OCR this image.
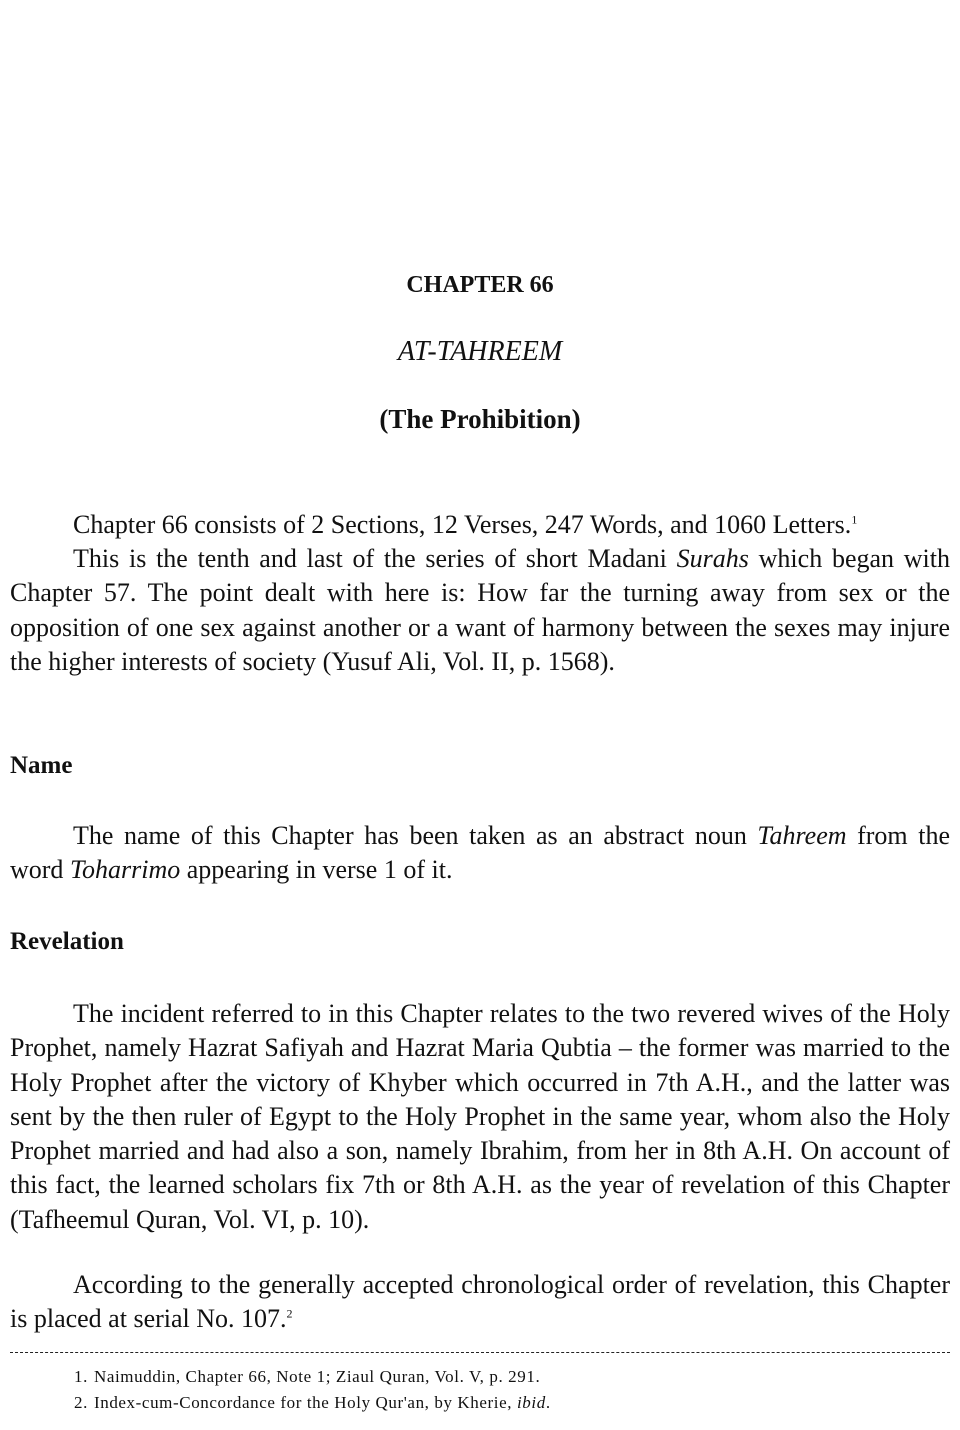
CHAPTER 66
AT-TAHREEM
(The Prohibition)

Chapter 66 consists of 2 Sections, 12 Verses, 247 Words, and 1060 Letters.$^1$

This is the tenth and last of the series of short Madani Surahs which began with Chapter 57. The point dealt with here is: How far the turning away from sex or the opposition of one sex against another or a want of harmony between the sexes may injure the higher interests of society (Yusuf Ali, Vol. II, p. 1568).

Name

The name of this Chapter has been taken as an abstract noun Tahreem from the word Toharrimo appearing in verse 1 of it.

Revelation

The incident referred to in this Chapter relates to the two revered wives of the Holy Prophet, namely Hazrat Safiyah and Hazrat Maria Qubtia – the former was married to the Holy Prophet after the victory of Khyber which occurred in 7th A.H., and the latter was sent by the then ruler of Egypt to the Holy Prophet in the same year, whom also the Holy Prophet married and had also a son, namely Ibrahim, from her in 8th A.H. On account of this fact, the learned scholars fix 7th or 8th A.H. as the year of revelation of this Chapter (Tafheemul Quran, Vol. VI, p. 10).

According to the generally accepted chronological order of revelation, this Chapter is placed at serial No. 107.$^2$

1. Naimuddin, Chapter 66, Note 1; Ziaul Quran, Vol. V, p. 291.

2. Index-cum-Concordance for the Holy Qur'an, by Kherie, ibid.
